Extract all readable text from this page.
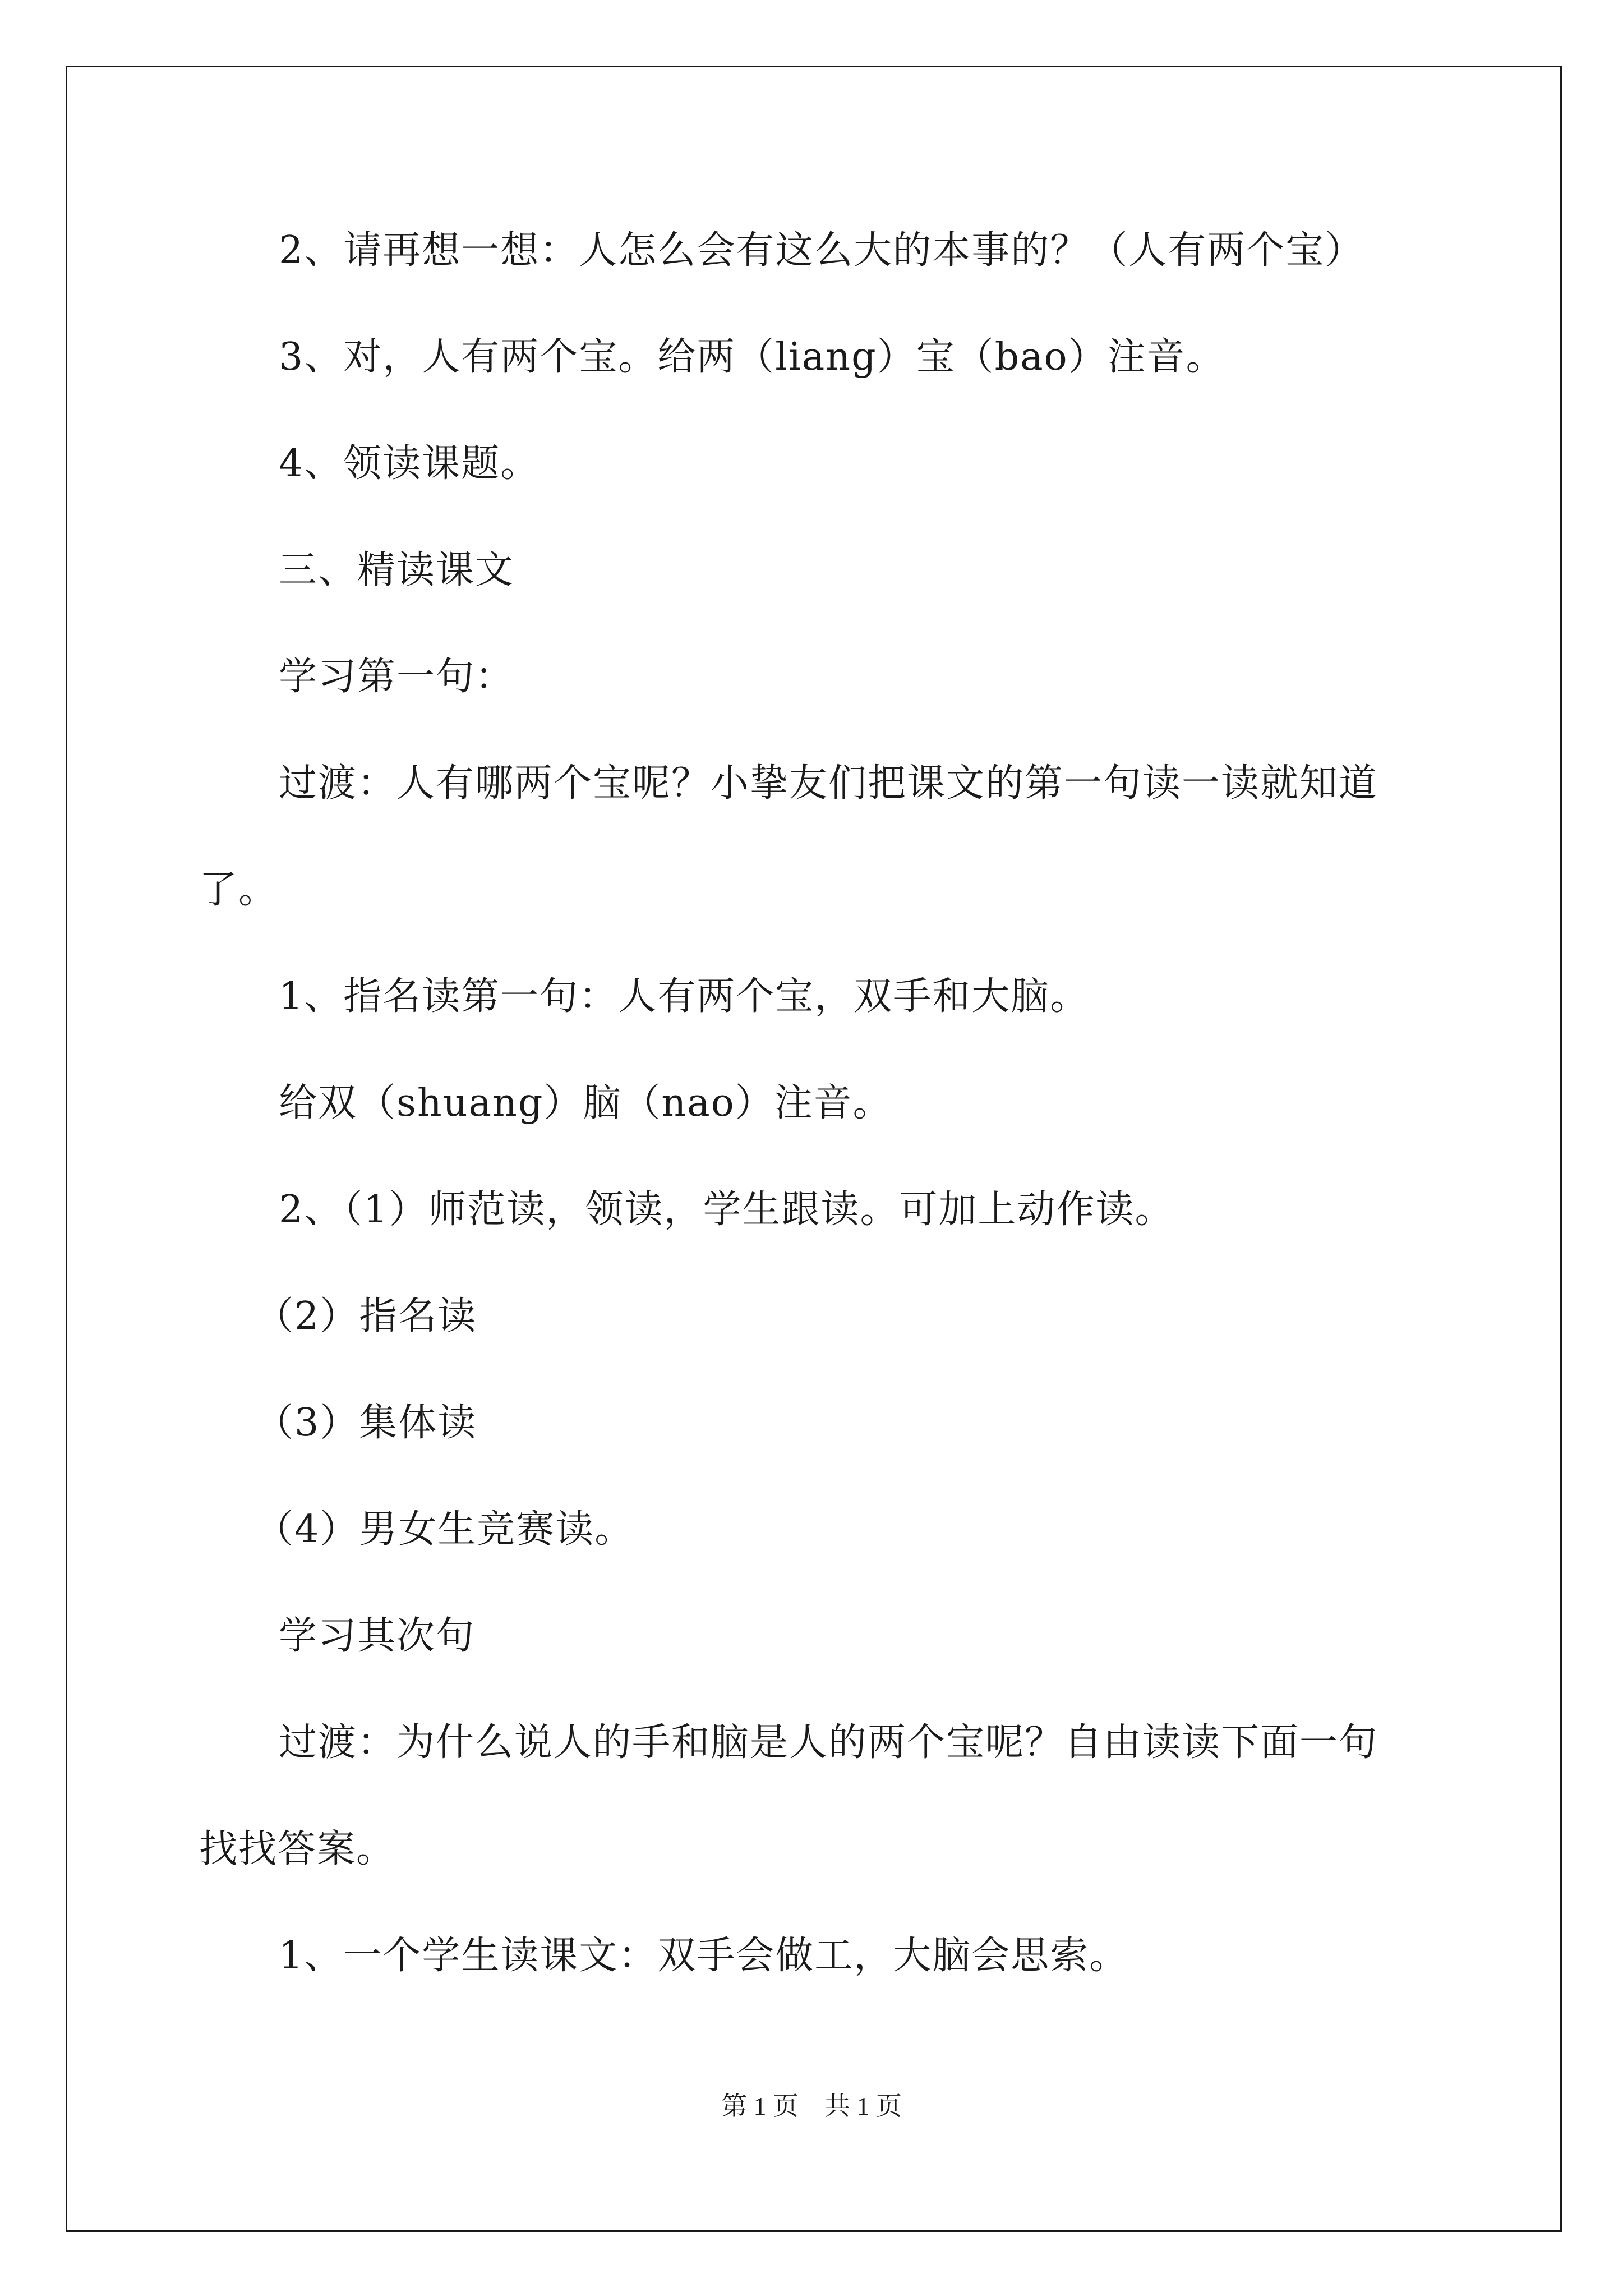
2、请再想一想：人怎么会有这么大的本事的？（人有两个宝）

3、对，人有两个宝。给两（liang）宝（bao）注音。

4、领读课题。

三、精读课文

学习第一句：

过渡：人有哪两个宝呢？小挚友们把课文的第一句读一读就知道

了。

1、指名读第一句：人有两个宝，双手和大脑。

给双（shuang）脑（nao）注音。

2、（1）师范读，领读，学生跟读。可加上动作读。

（2）指名读

（3）集体读

（4）男女生竞赛读。

学习其次句

过渡：为什么说人的手和脑是人的两个宝呢？自由读读下面一句

找找答案。

1、一个学生读课文：双手会做工，大脑会思索。

第 1 页    共 1 页
